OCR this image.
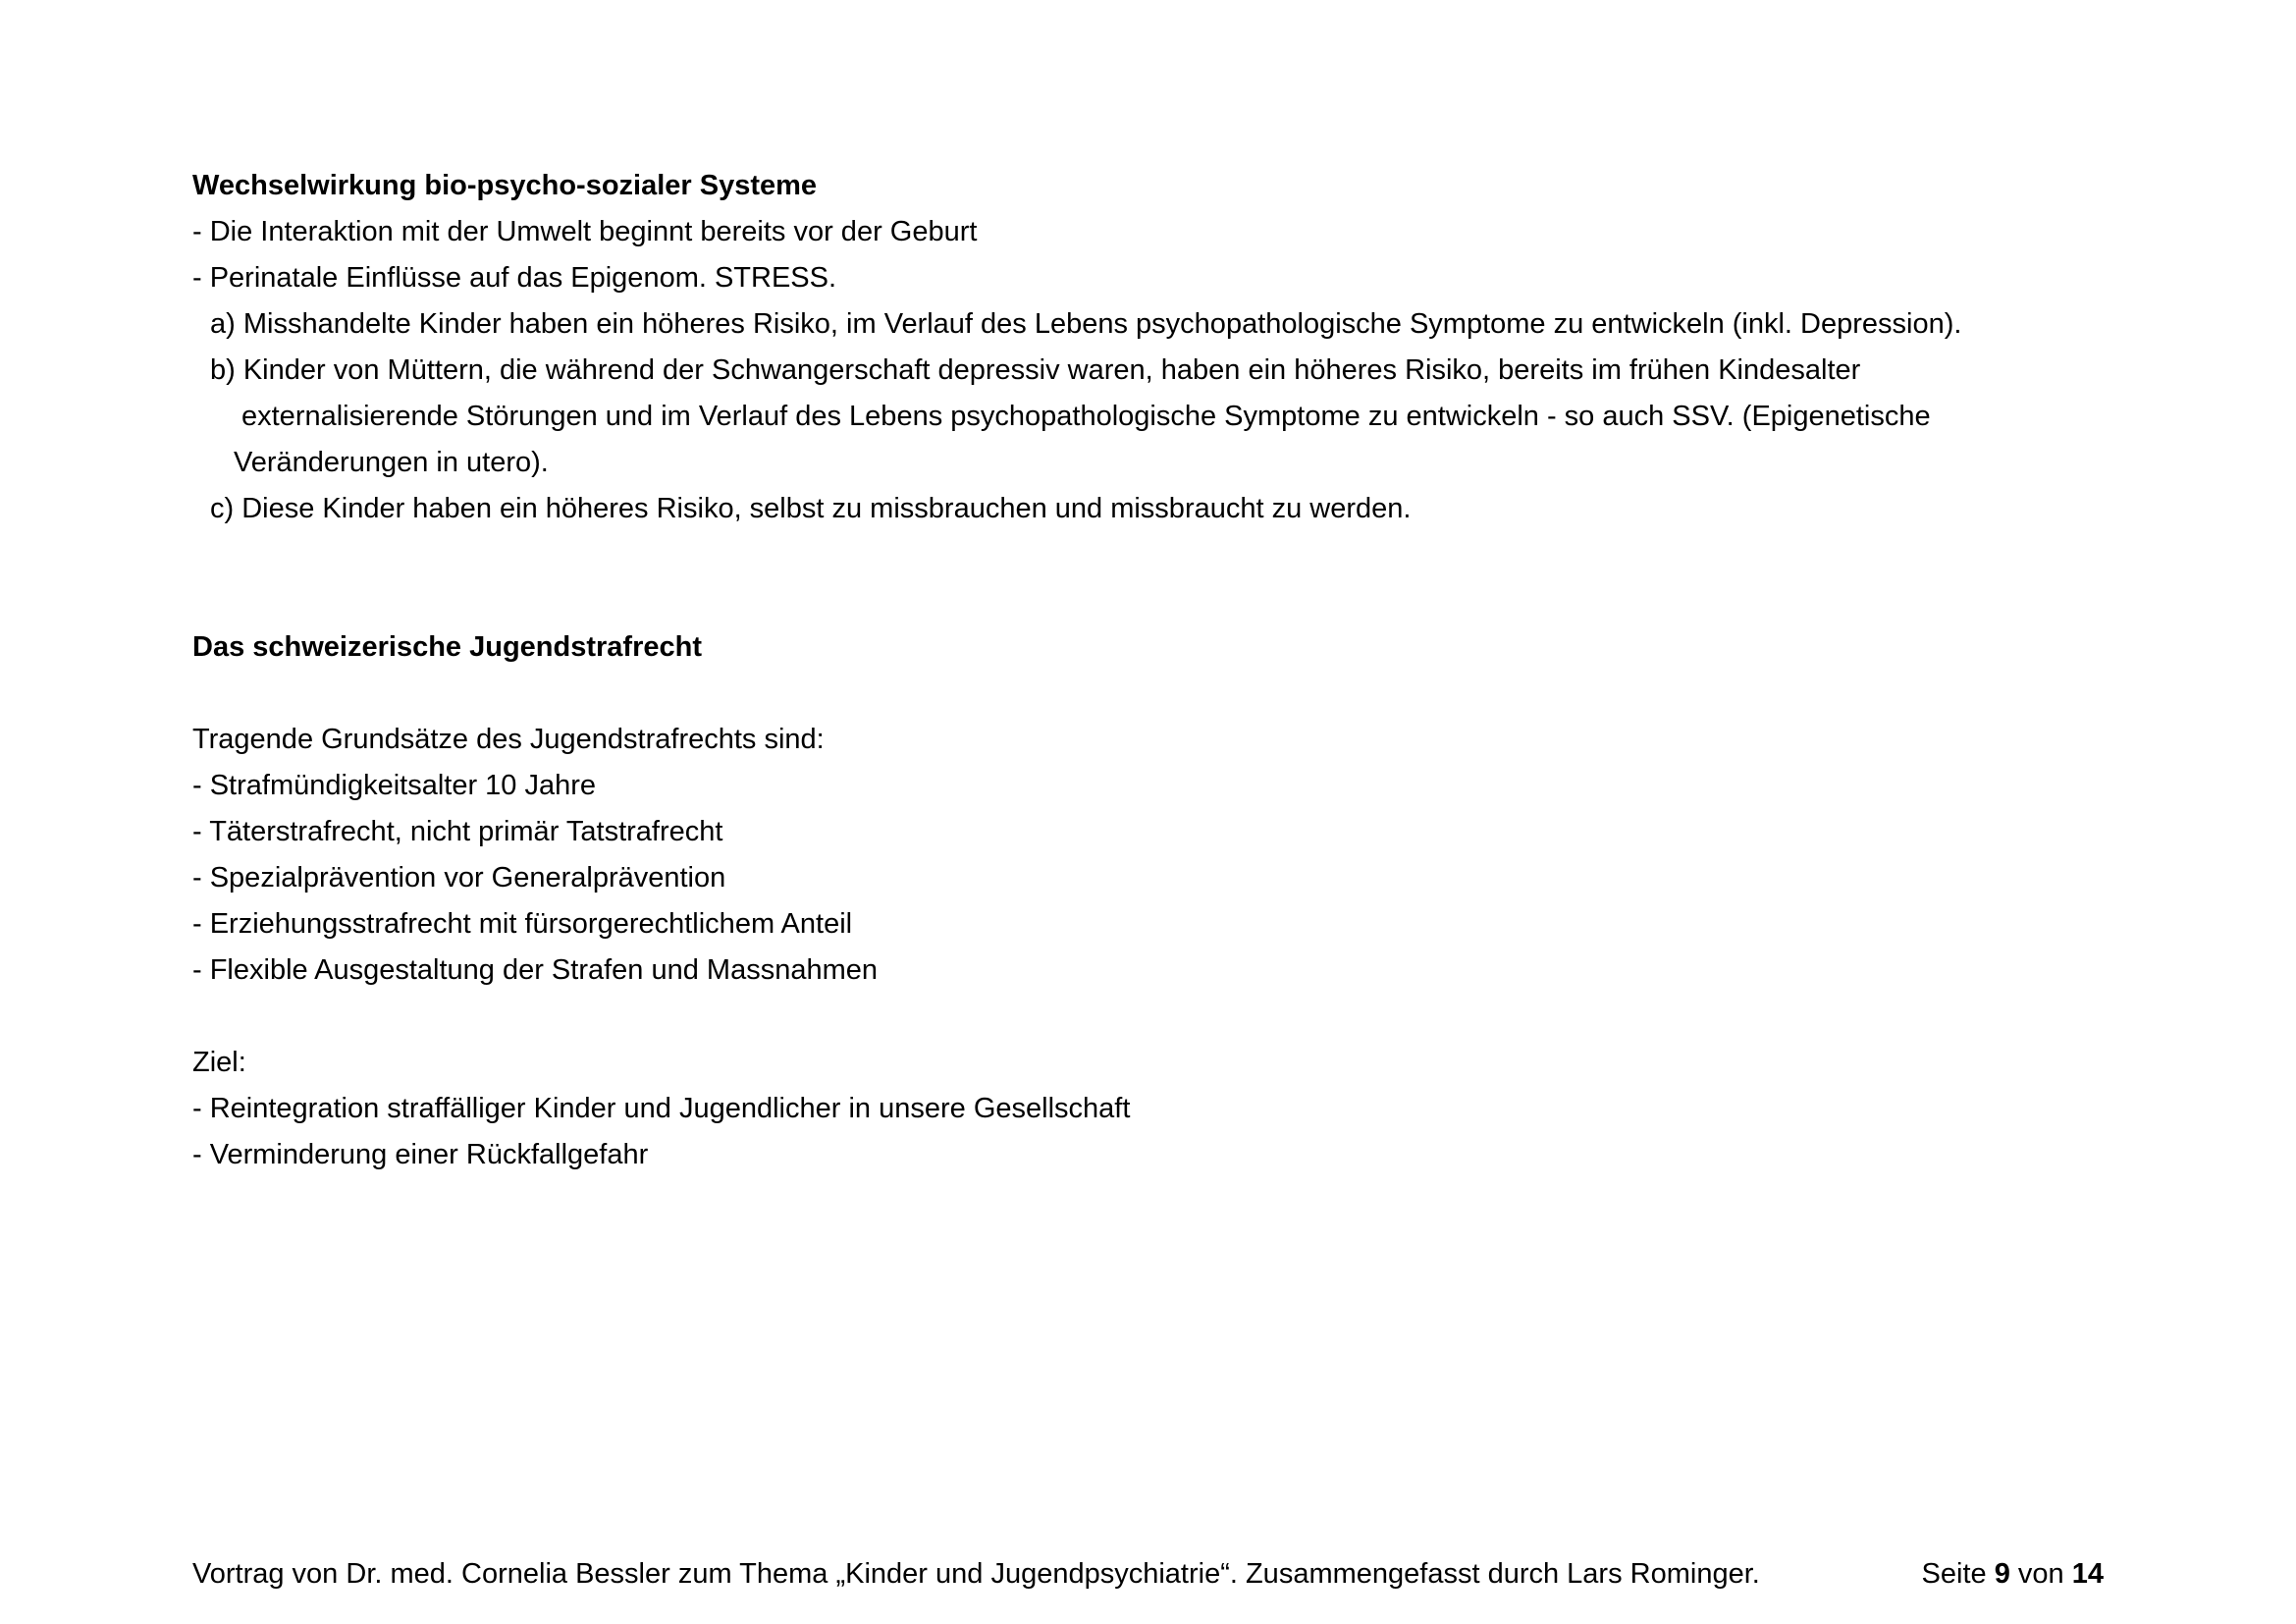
Wechselwirkung bio-psycho-sozialer Systeme

- Die Interaktion mit der Umwelt beginnt bereits vor der Geburt

- Perinatale Einflüsse auf das Epigenom. STRESS.

a) Misshandelte Kinder haben ein höheres Risiko, im Verlauf des Lebens psychopathologische Symptome zu entwickeln (inkl. Depression).

b) Kinder von Müttern, die während der Schwangerschaft depressiv waren, haben ein höheres Risiko, bereits im frühen Kindesalter

externalisierende Störungen und im Verlauf des Lebens psychopathologische Symptome zu entwickeln - so auch SSV. (Epigenetische

Veränderungen in utero).

c) Diese Kinder haben ein höheres Risiko, selbst zu missbrauchen und missbraucht zu werden.

Das schweizerische Jugendstrafrecht

Tragende Grundsätze des Jugendstrafrechts sind:

- Strafmündigkeitsalter 10 Jahre

- Täterstrafrecht, nicht primär Tatstrafrecht

- Spezialprävention vor Generalprävention

- Erziehungsstrafrecht mit fürsorgerechtlichem Anteil

- Flexible Ausgestaltung der Strafen und Massnahmen

Ziel:

- Reintegration straffälliger Kinder und Jugendlicher in unsere Gesellschaft

- Verminderung einer Rückfallgefahr

Vortrag von Dr. med. Cornelia Bessler zum Thema „Kinder und Jugendpsychiatrie“. Zusammengefasst durch Lars Rominger.	Seite 9 von 14
